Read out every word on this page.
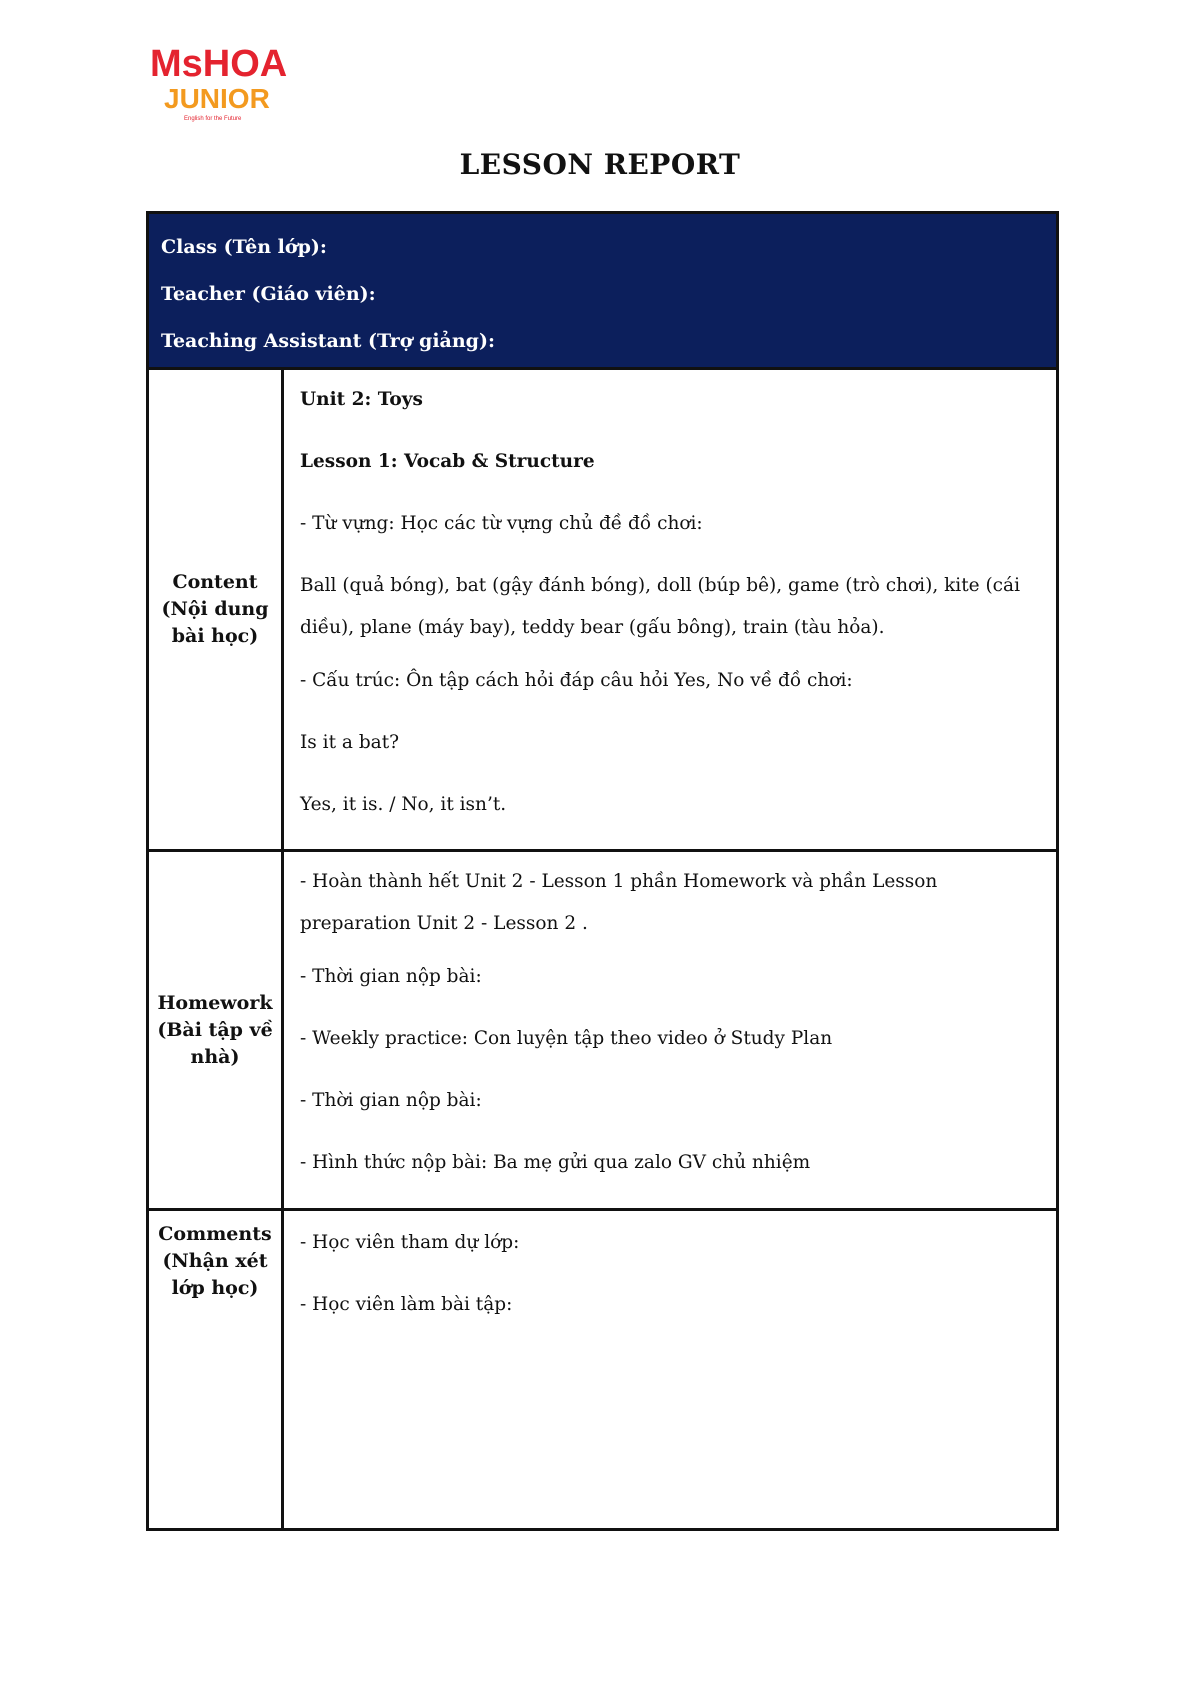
MsHOA
JUNIOR
English for the Future
LESSON REPORT
Class (Tên lớp):
Teacher (Giáo viên):
Teaching Assistant (Trợ giảng):
Content (Nội dung bài học)
Unit 2: Toys
Lesson 1: Vocab & Structure
- Từ vựng: Học các từ vựng chủ đề đồ chơi:
Ball (quả bóng), bat (gậy đánh bóng), doll (búp bê), game (trò chơi), kite (cái diều), plane (máy bay), teddy bear (gấu bông), train (tàu hỏa).
- Cấu trúc: Ôn tập cách hỏi đáp câu hỏi Yes, No về đồ chơi:
Is it a bat?
Yes, it is. / No, it isn’t.
Homework (Bài tập về nhà)
- Hoàn thành hết Unit 2 - Lesson 1 phần Homework và phần Lesson preparation Unit 2 - Lesson 2 .
- Thời gian nộp bài:
- Weekly practice: Con luyện tập theo video ở Study Plan
- Thời gian nộp bài:
- Hình thức nộp bài: Ba mẹ gửi qua zalo GV chủ nhiệm
Comments (Nhận xét lớp học)
- Học viên tham dự lớp:
- Học viên làm bài tập:
